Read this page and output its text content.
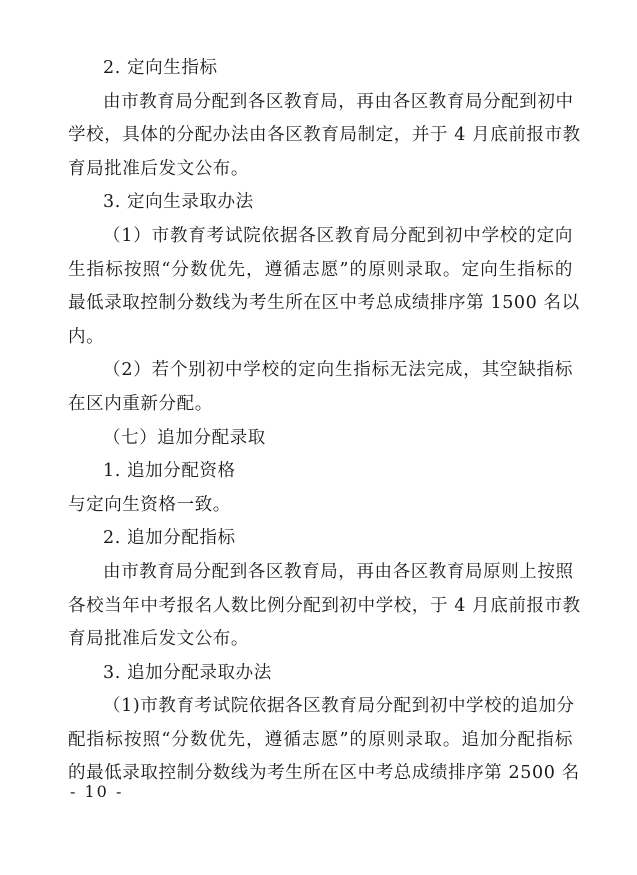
2. 定向生指标
由市教育局分配到各区教育局，再由各区教育局分配到初中
学校，具体的分配办法由各区教育局制定，并于 4 月底前报市教
育局批准后发文公布。
3. 定向生录取办法
（1）市教育考试院依据各区教育局分配到初中学校的定向
生指标按照“分数优先，遵循志愿”的原则录取。定向生指标的
最低录取控制分数线为考生所在区中考总成绩排序第 1500 名以
内。
（2）若个别初中学校的定向生指标无法完成，其空缺指标
在区内重新分配。
（七）追加分配录取
1. 追加分配资格
与定向生资格一致。
2. 追加分配指标
由市教育局分配到各区教育局，再由各区教育局原则上按照
各校当年中考报名人数比例分配到初中学校，于 4 月底前报市教
育局批准后发文公布。
3. 追加分配录取办法
（1)市教育考试院依据各区教育局分配到初中学校的追加分
配指标按照“分数优先，遵循志愿”的原则录取。追加分配指标
的最低录取控制分数线为考生所在区中考总成绩排序第 2500 名
- 10 -
